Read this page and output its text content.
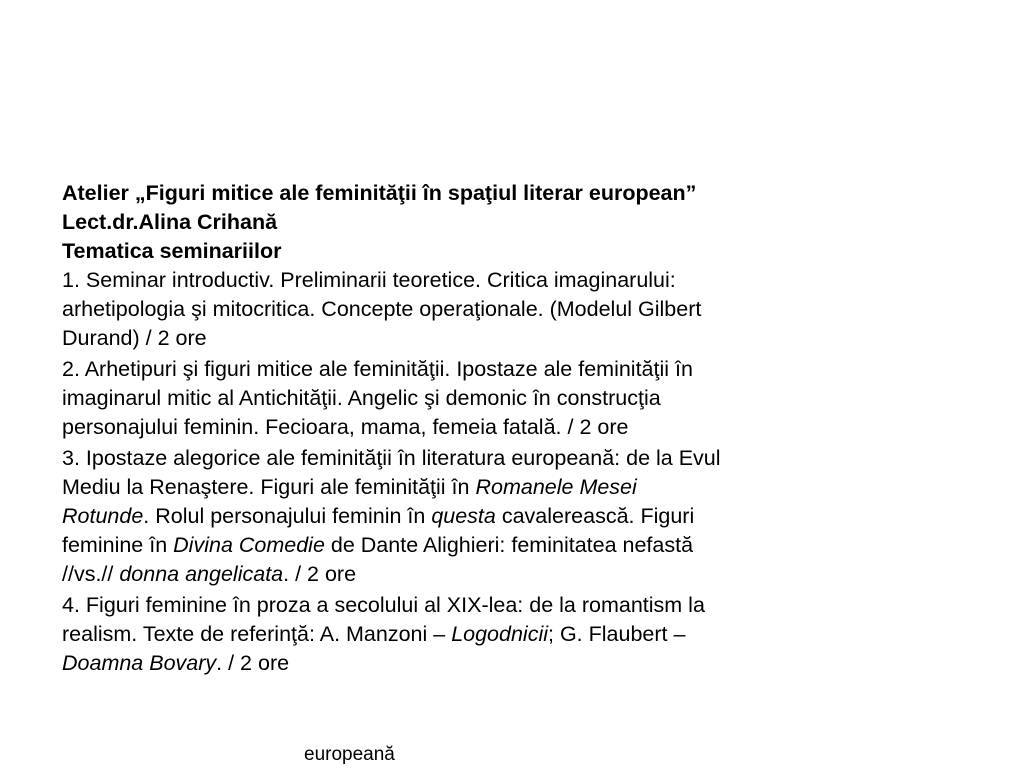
Atelier „Figuri mitice ale feminităţii în spaţiul literar european”
Lect.dr.Alina Crihană
Tematica seminariilor
1. Seminar introductiv. Preliminarii teoretice. Critica imaginarului:
arhetipologia şi mitocritica. Concepte operaţionale. (Modelul Gilbert
Durand) / 2 ore
2. Arhetipuri şi figuri mitice ale feminităţii. Ipostaze ale feminităţii în
imaginarul mitic al Antichităţii. Angelic şi demonic în construcţia
personajului feminin. Fecioara, mama, femeia fatală. / 2 ore
3. Ipostaze alegorice ale feminităţii în literatura europeană: de la Evul
Mediu la Renaştere. Figuri ale feminităţii în Romanele Mesei
Rotunde. Rolul personajului feminin în questa cavalerească. Figuri
feminine în Divina Comedie de Dante Alighieri: feminitatea nefastă
//vs.// donna angelicata. / 2 ore
4. Figuri feminine în proza a secolului al XIX-lea: de la romantism la
realism. Texte de referinţă: A. Manzoni – Logodnicii; G. Flaubert –
Doamna Bovary. / 2 ore
europeană
